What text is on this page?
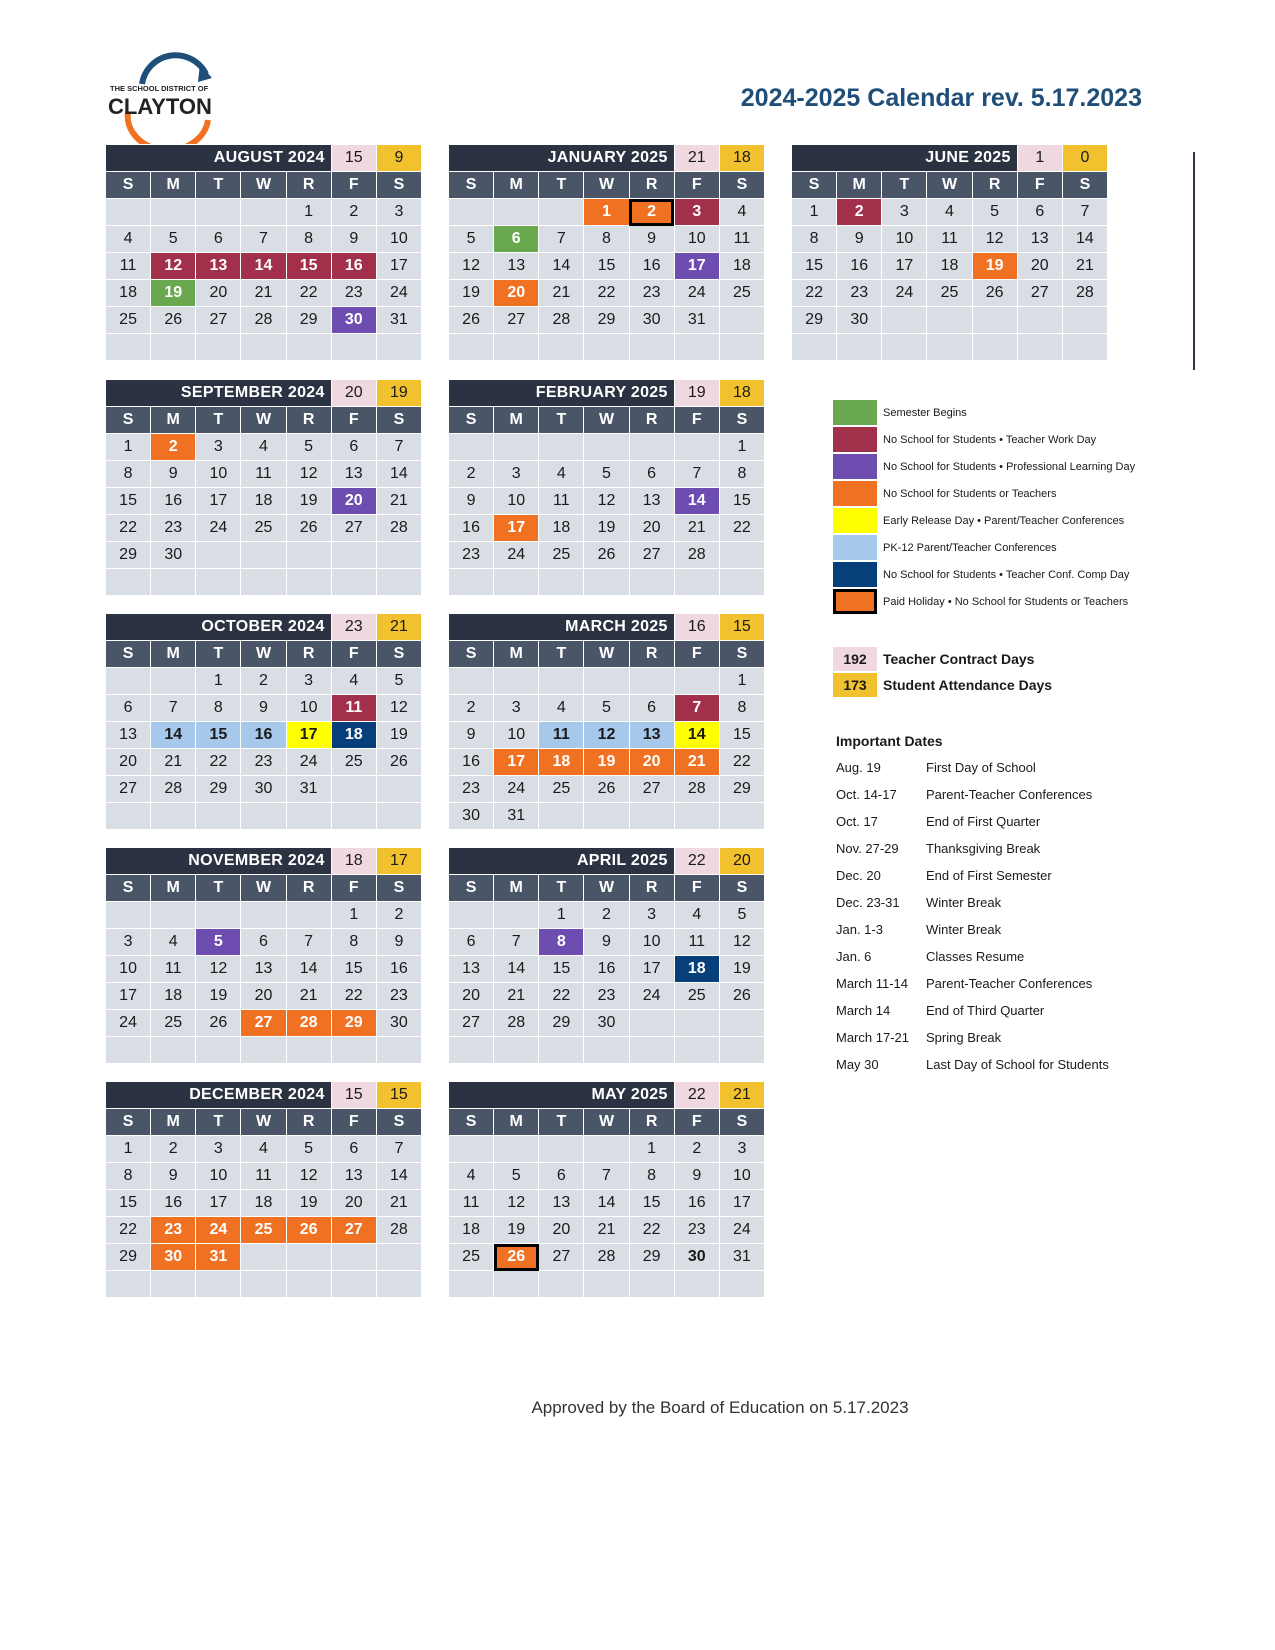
THE SCHOOL DISTRICT OF
CLAYTON	2024-2025 Calendar rev. 5.17.2023
AUGUST 2024					15	9
S	M	T	W	R	F	S
				1	2	3
4	5	6	7	8	9	10
11	12	13	14	15	16	17
18	19	20	21	22	23	24
25	26	27	28	29	30	31

SEPTEMBER 2024					20	19
S	M	T	W	R	F	S
1	2	3	4	5	6	7
8	9	10	11	12	13	14
15	16	17	18	19	20	21
22	23	24	25	26	27	28
29	30					

OCTOBER 2024					23	21
S	M	T	W	R	F	S
		1	2	3	4	5
6	7	8	9	10	11	12
13	14	15	16	17	18	19
20	21	22	23	24	25	26
27	28	29	30	31		

NOVEMBER 2024					18	17
S	M	T	W	R	F	S
					1	2
3	4	5	6	7	8	9
10	11	12	13	14	15	16
17	18	19	20	21	22	23
24	25	26	27	28	29	30

DECEMBER 2024					15	15
S	M	T	W	R	F	S
1	2	3	4	5	6	7
8	9	10	11	12	13	14
15	16	17	18	19	20	21
22	23	24	25	26	27	28
29	30	31				

JANUARY 2025					21	18
S	M	T	W	R	F	S
			1	2	3	4
5	6	7	8	9	10	11
12	13	14	15	16	17	18
19	20	21	22	23	24	25
26	27	28	29	30	31	

FEBRUARY 2025					19	18
S	M	T	W	R	F	S
						1
2	3	4	5	6	7	8
9	10	11	12	13	14	15
16	17	18	19	20	21	22
23	24	25	26	27	28	

MARCH 2025					16	15
S	M	T	W	R	F	S
						1
2	3	4	5	6	7	8
9	10	11	12	13	14	15
16	17	18	19	20	21	22
23	24	25	26	27	28	29
30	31					
APRIL 2025					22	20
S	M	T	W	R	F	S
		1	2	3	4	5
6	7	8	9	10	11	12
13	14	15	16	17	18	19
20	21	22	23	24	25	26
27	28	29	30			

MAY 2025					22	21
S	M	T	W	R	F	S
				1	2	3
4	5	6	7	8	9	10
11	12	13	14	15	16	17
18	19	20	21	22	23	24
25	26	27	28	29	30	31

JUNE 2025					1	0
S	M	T	W	R	F	S
1	2	3	4	5	6	7
8	9	10	11	12	13	14
15	16	17	18	19	20	21
22	23	24	25	26	27	28
29	30					

Semester Begins
No School for Students • Teacher Work Day
No School for Students • Professional Learning Day
No School for Students or Teachers
Early Release Day • Parent/Teacher Conferences
PK-12 Parent/Teacher Conferences
No School for Students • Teacher Conf. Comp Day
Paid Holiday • No School for Students or Teachers
192	Teacher Contract Days
173	Student Attendance Days
Important Dates
Aug. 19	First Day of School
Oct. 14-17	Parent-Teacher Conferences
Oct. 17	End of First Quarter
Nov. 27-29	Thanksgiving Break
Dec. 20	End of First Semester
Dec. 23-31	Winter Break
Jan. 1-3	Winter Break
Jan. 6	Classes Resume
March 11-14	Parent-Teacher Conferences
March 14	End of Third Quarter
March 17-21	Spring Break
May 30	Last Day of School for Students
Approved by the Board of Education on 5.17.2023
